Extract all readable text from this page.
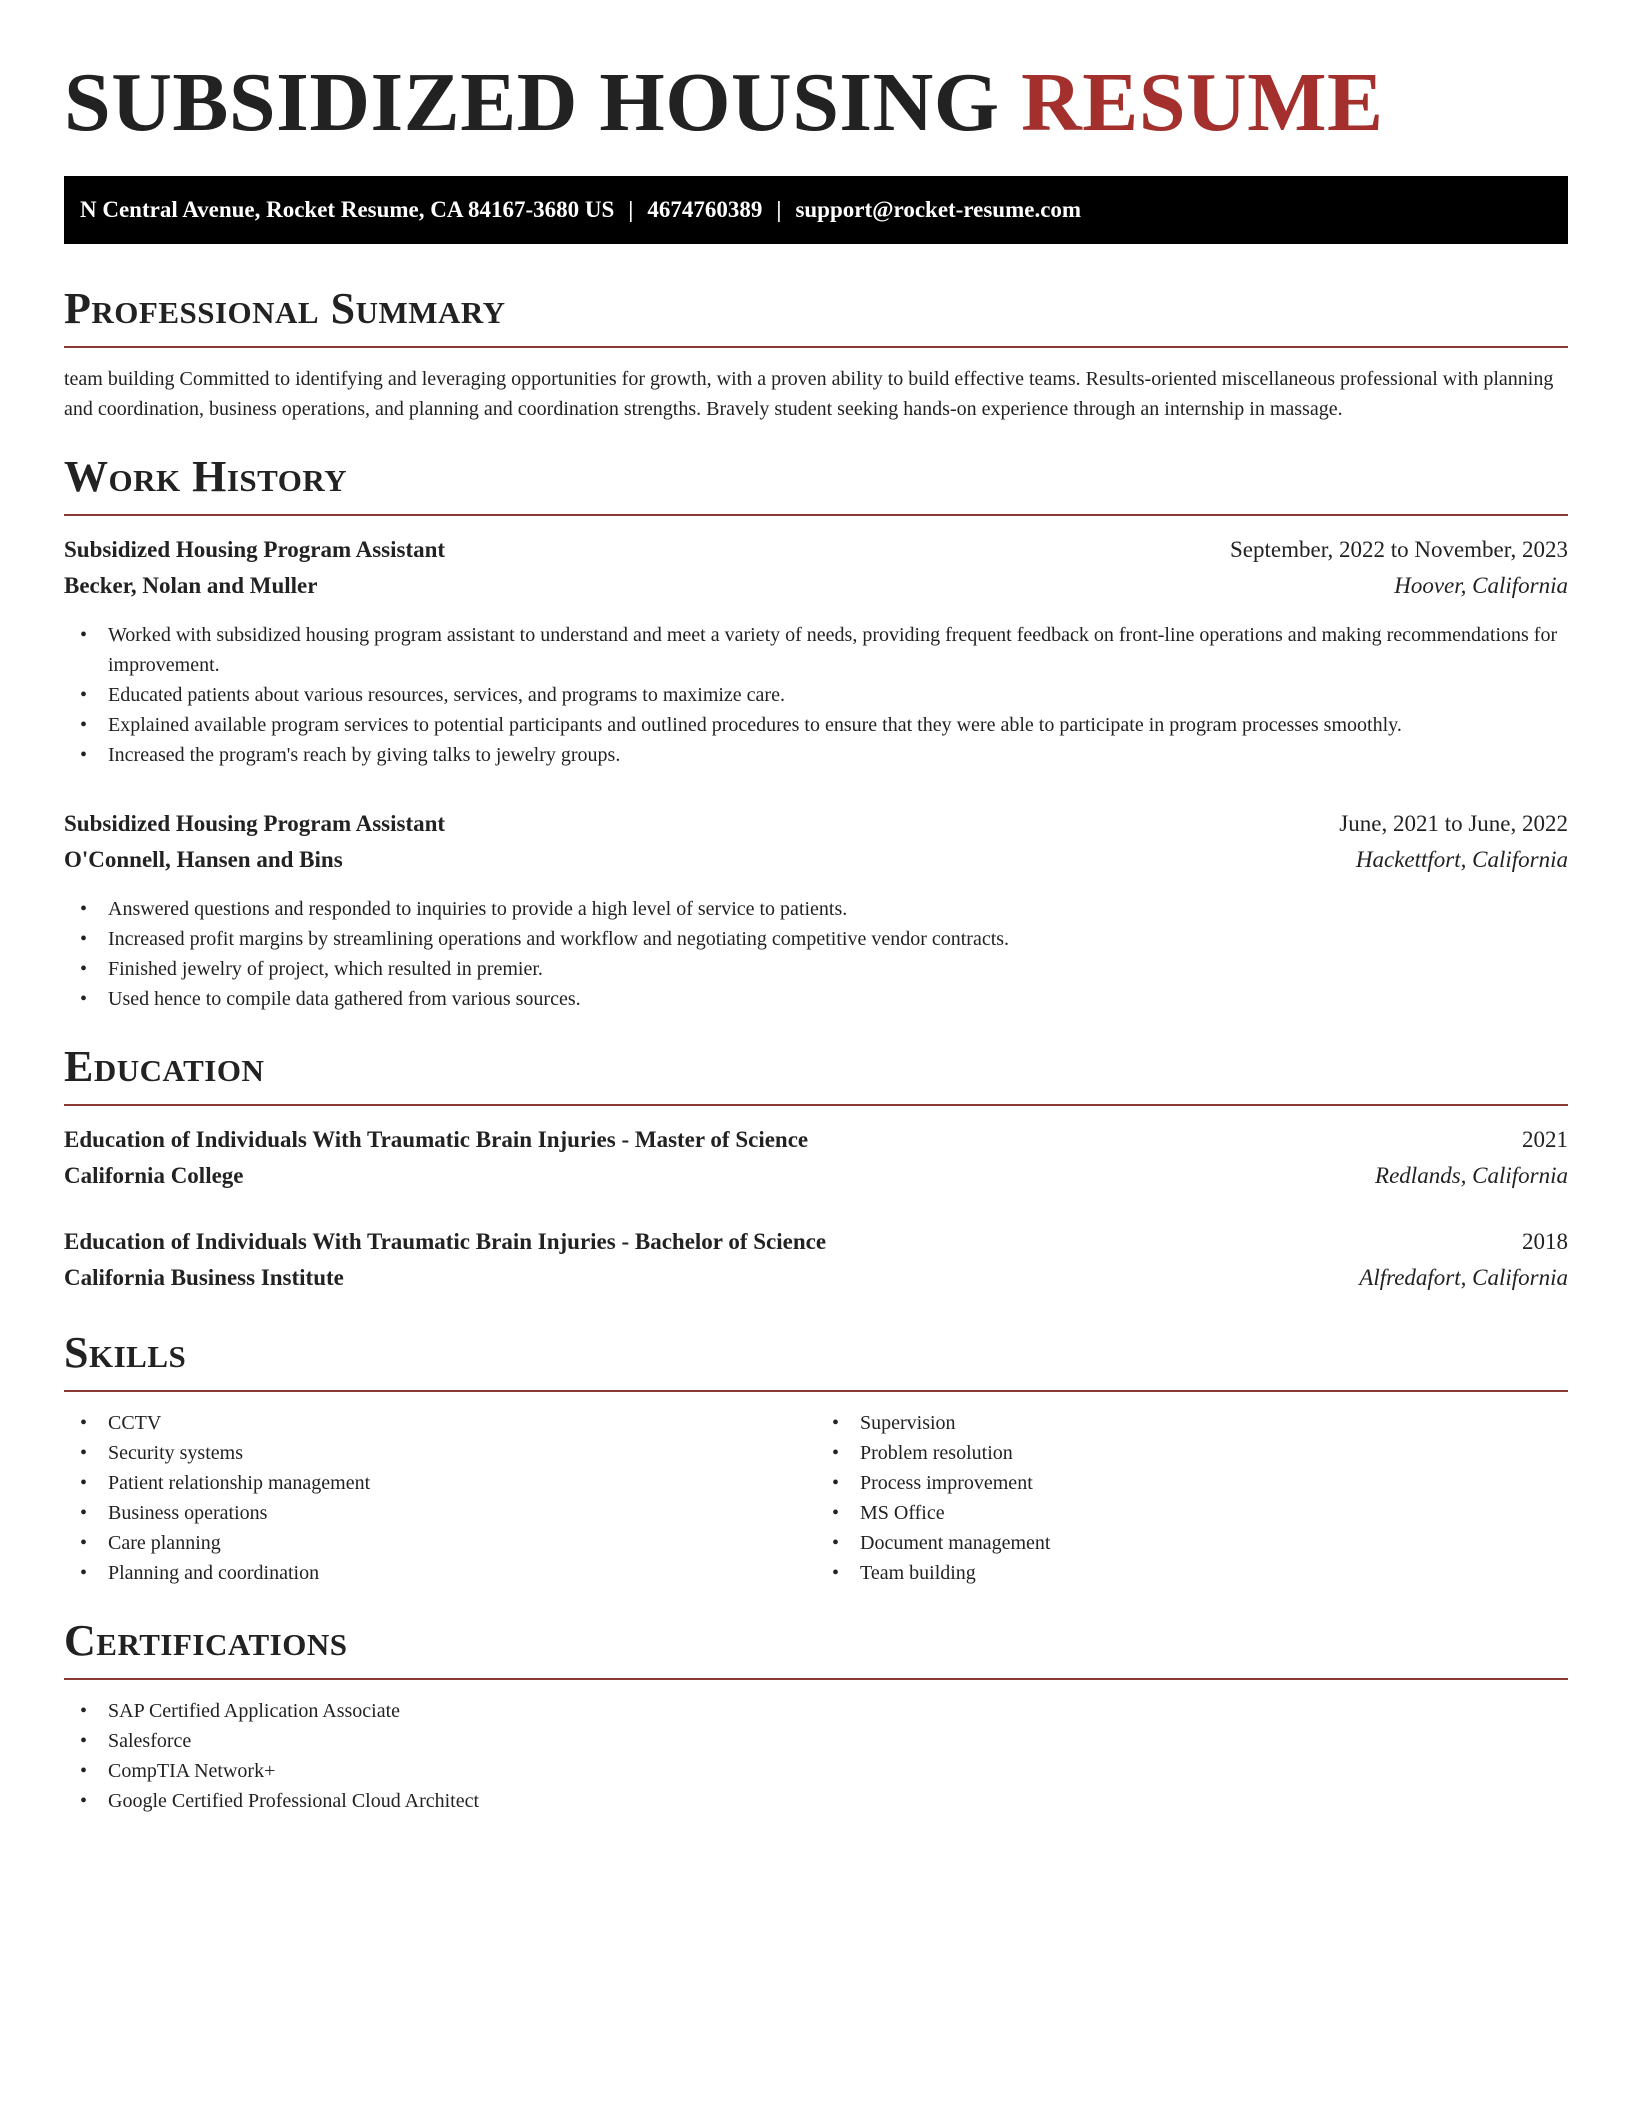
SUBSIDIZED HOUSING RESUME
N Central Avenue, Rocket Resume, CA 84167-3680 US | 4674760389 | support@rocket-resume.com
Professional Summary

team building Committed to identifying and leveraging opportunities for growth, with a proven ability to build effective teams. Results-oriented miscellaneous professional with planning and coordination, business operations, and planning and coordination strengths. Bravely student seeking hands-on experience through an internship in massage.

Work History
Subsidized Housing Program Assistant	September, 2022 to November, 2023
Becker, Nolan and Muller	Hoover, California
• Worked with subsidized housing program assistant to understand and meet a variety of needs, providing frequent feedback on front-line operations and making recommendations for improvement.
• Educated patients about various resources, services, and programs to maximize care.
• Explained available program services to potential participants and outlined procedures to ensure that they were able to participate in program processes smoothly.
• Increased the program's reach by giving talks to jewelry groups.
Subsidized Housing Program Assistant	June, 2021 to June, 2022
O'Connell, Hansen and Bins	Hackettfort, California
• Answered questions and responded to inquiries to provide a high level of service to patients.
• Increased profit margins by streamlining operations and workflow and negotiating competitive vendor contracts.
• Finished jewelry of project, which resulted in premier.
• Used hence to compile data gathered from various sources.
Education
Education of Individuals With Traumatic Brain Injuries - Master of Science	2021
California College	Redlands, California
Education of Individuals With Traumatic Brain Injuries - Bachelor of Science	2018
California Business Institute	Alfredafort, California
Skills
• CCTV
• Security systems
• Patient relationship management
• Business operations
• Care planning
• Planning and coordination
• Supervision
• Problem resolution
• Process improvement
• MS Office
• Document management
• Team building
Certifications
• SAP Certified Application Associate
• Salesforce
• CompTIA Network+
• Google Certified Professional Cloud Architect
